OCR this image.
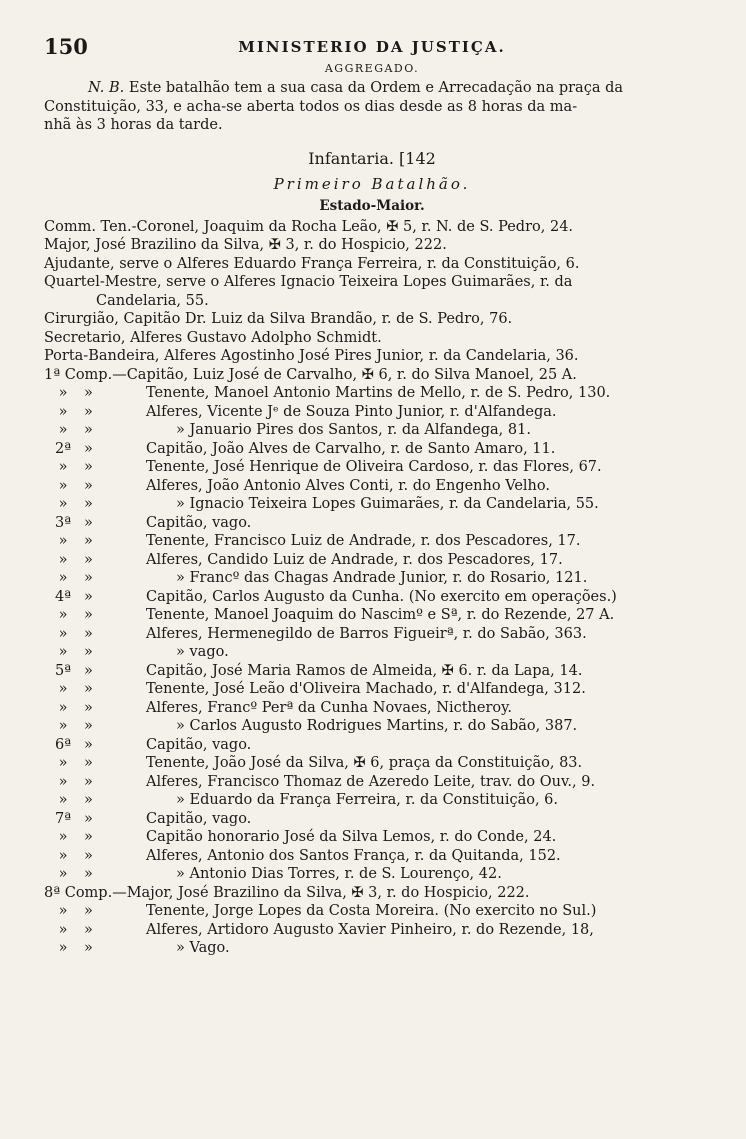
150	MINISTERIO DA JUSTIÇA.
AGGREGADO.
N. B. Este batalhão tem a sua casa da Ordem e Arrecadação na praça da
Constituição, 33, e acha-se aberta todos os dias desde as 8 horas da ma-
nhã às 3 horas da tarde.
Infantaria. [142
Primeiro Batalhão.
Estado-Maior.
Comm. Ten.-Coronel, Joaquim da Rocha Leão, ✠ 5, r. N. de S. Pedro, 24.
Major, José Brazilino da Silva, ✠ 3, r. do Hospicio, 222.
Ajudante, serve o Alferes Eduardo França Ferreira, r. da Constituição, 6.
Quartel-Mestre, serve o Alferes Ignacio Teixeira Lopes Guimarães, r. da
Candelaria, 55.
Cirurgião, Capitão Dr. Luiz da Silva Brandão, r. de S. Pedro, 76.
Secretario, Alferes Gustavo Adolpho Schmidt.
Porta-Bandeira, Alferes Agostinho José Pires Junior, r. da Candelaria, 36.
1ª Comp.—Capitão, Luiz José de Carvalho, ✠ 6, r. do Silva Manoel, 25 A.
» »	Tenente, Manoel Antonio Martins de Mello, r. de S. Pedro, 130.
» »	Alferes, Vicente Jᵉ de Souza Pinto Junior, r. d'Alfandega.
» »	» Januario Pires dos Santos, r. da Alfandega, 81.
2ª »	Capitão, João Alves de Carvalho, r. de Santo Amaro, 11.
» »	Tenente, José Henrique de Oliveira Cardoso, r. das Flores, 67.
» »	Alferes, João Antonio Alves Conti, r. do Engenho Velho.
» »	» Ignacio Teixeira Lopes Guimarães, r. da Candelaria, 55.
3ª »	Capitão, vago.
» »	Tenente, Francisco Luiz de Andrade, r. dos Pescadores, 17.
» »	Alferes, Candido Luiz de Andrade, r. dos Pescadores, 17.
» »	» Francº das Chagas Andrade Junior, r. do Rosario, 121.
4ª »	Capitão, Carlos Augusto da Cunha. (No exercito em operações.)
» »	Tenente, Manoel Joaquim do Nascimº e Sª, r. do Rezende, 27 A.
» »	Alferes, Hermenegildo de Barros Figueirª, r. do Sabão, 363.
» »	» vago.
5ª »	Capitão, José Maria Ramos de Almeida, ✠ 6. r. da Lapa, 14.
» »	Tenente, José Leão d'Oliveira Machado, r. d'Alfandega, 312.
» »	Alferes, Francº Perª da Cunha Novaes, Nictheroy.
» »	» Carlos Augusto Rodrigues Martins, r. do Sabão, 387.
6ª »	Capitão, vago.
» »	Tenente, João José da Silva, ✠ 6, praça da Constituição, 83.
» »	Alferes, Francisco Thomaz de Azeredo Leite, trav. do Ouv., 9.
» »	» Eduardo da França Ferreira, r. da Constituição, 6.
7ª »	Capitão, vago.
» »	Capitão honorario José da Silva Lemos, r. do Conde, 24.
» »	Alferes, Antonio dos Santos França, r. da Quitanda, 152.
» »	» Antonio Dias Torres, r. de S. Lourenço, 42.
8ª Comp.—Major, José Brazilino da Silva, ✠ 3, r. do Hospicio, 222.
» »	Tenente, Jorge Lopes da Costa Moreira. (No exercito no Sul.)
» »	Alferes, Artidoro Augusto Xavier Pinheiro, r. do Rezende, 18,
» »	» Vago.
